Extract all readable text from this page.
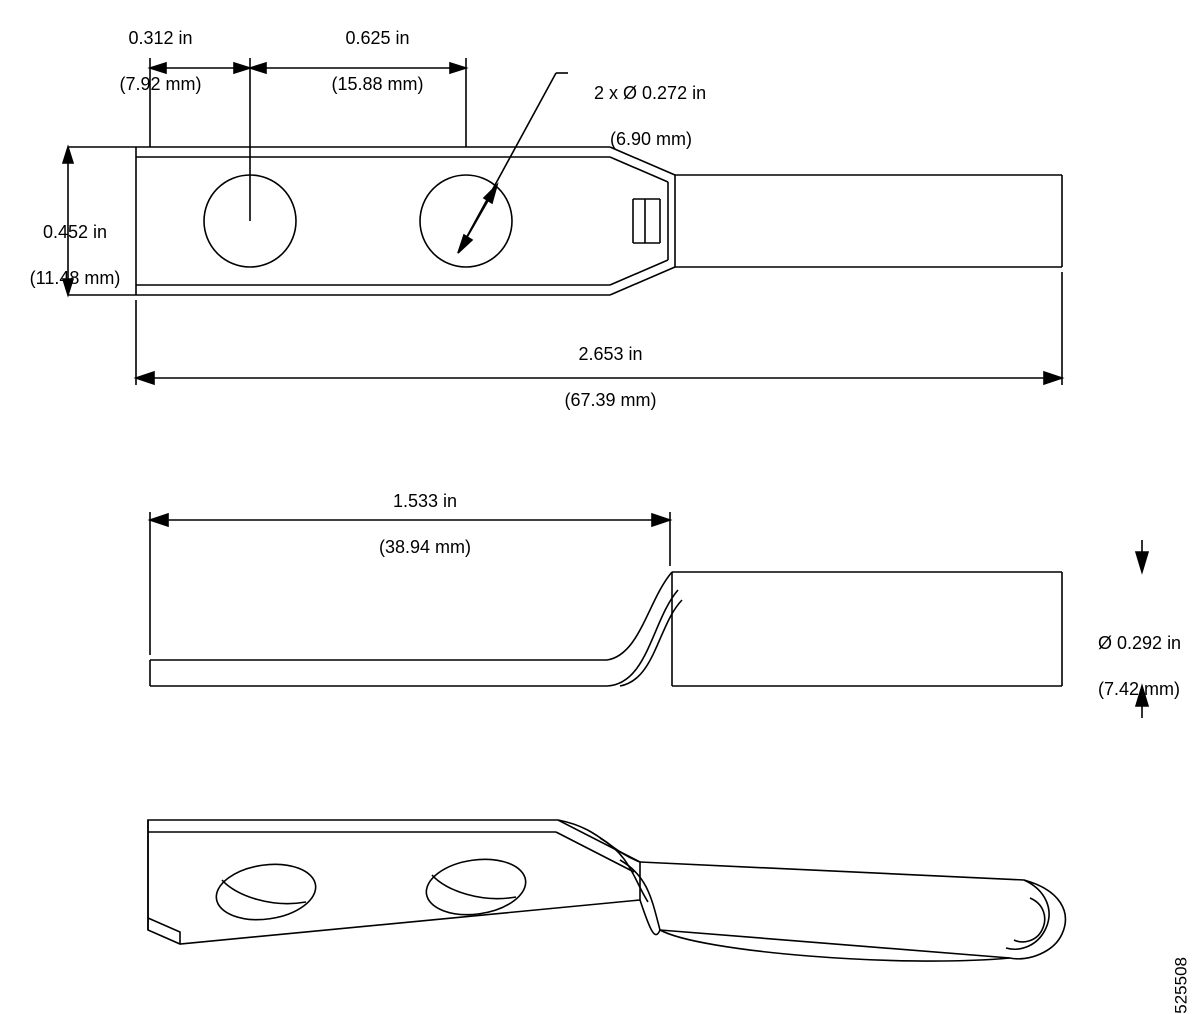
0.312 in

(7.92 mm)

0.625 in

(15.88 mm)
	2 x Ø 0.272 in

(6.90 mm)

0.452 in

(11.48 mm)

2.653 in

(67.39 mm)

1.533 in

(38.94 mm)

Ø 0.292 in

(7.42 mm)

525508
